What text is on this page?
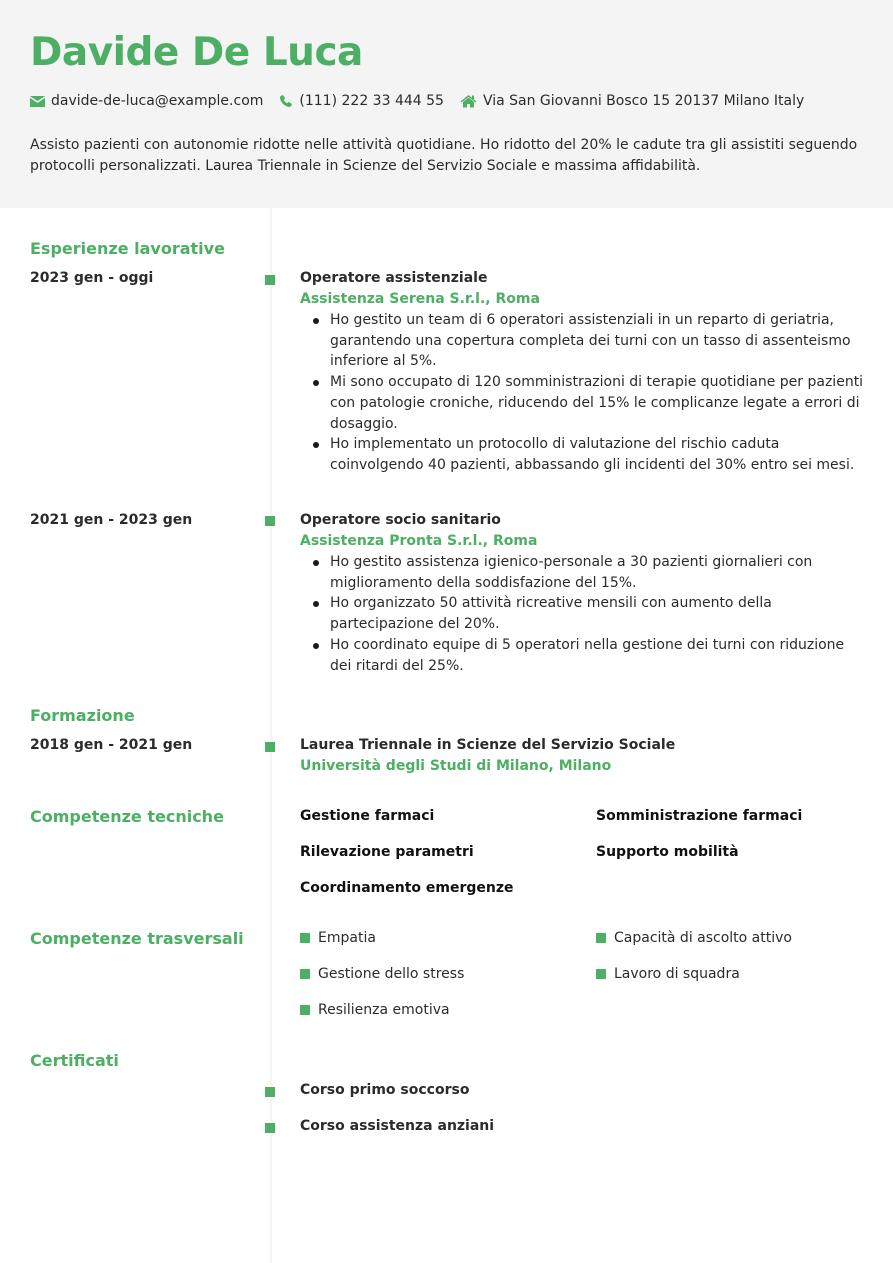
Davide De Luca
davide-de-luca@example.com	(111) 222 33 444 55	Via San Giovanni Bosco 15 20137 Milano Italy

Assisto pazienti con autonomie ridotte nelle attività quotidiane. Ho ridotto del 20% le cadute tra gli assistiti seguendo protocolli personalizzati. Laurea Triennale in Scienze del Servizio Sociale e massima affidabilità.

Esperienze lavorative
2023 gen - oggi	Operatore assistenziale
Assistenza Serena S.r.l., Roma
Ho gestito un team di 6 operatori assistenziali in un reparto di geriatria, garantendo una copertura completa dei turni con un tasso di assenteismo inferiore al 5%.
Mi sono occupato di 120 somministrazioni di terapie quotidiane per pazienti con patologie croniche, riducendo del 15% le complicanze legate a errori di dosaggio.
Ho implementato un protocollo di valutazione del rischio caduta coinvolgendo 40 pazienti, abbassando gli incidenti del 30% entro sei mesi.
2021 gen - 2023 gen	Operatore socio sanitario
Assistenza Pronta S.r.l., Roma
Ho gestito assistenza igienico-personale a 30 pazienti giornalieri con miglioramento della soddisfazione del 15%.
Ho organizzato 50 attività ricreative mensili con aumento della partecipazione del 20%.
Ho coordinato equipe di 5 operatori nella gestione dei turni con riduzione dei ritardi del 25%.
Formazione
2018 gen - 2021 gen	Laurea Triennale in Scienze del Servizio Sociale
Università degli Studi di Milano, Milano
Competenze tecniche	Gestione farmaci	Somministrazione farmaci
Rilevazione parametri	Supporto mobilità
Coordinamento emergenze
Competenze trasversali	Empatia	Capacità di ascolto attivo
Gestione dello stress	Lavoro di squadra
Resilienza emotiva
Certificati
Corso primo soccorso
Corso assistenza anziani
